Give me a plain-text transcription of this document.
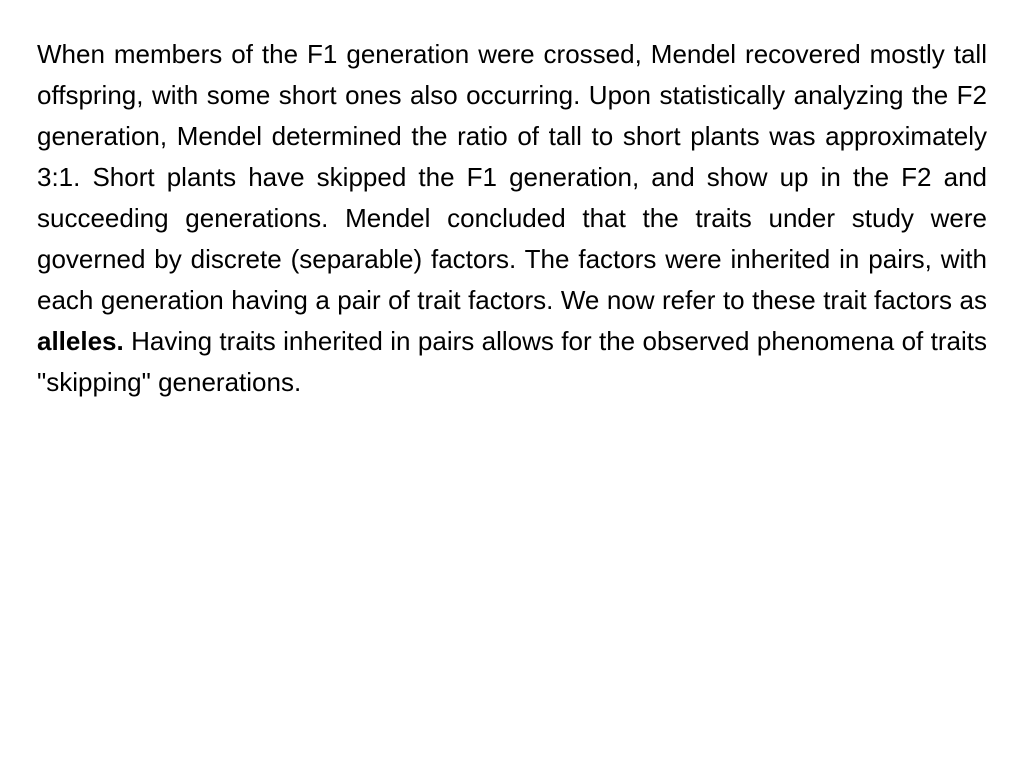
When members of the F1 generation were crossed, Mendel recovered mostly tall offspring, with some short ones also occurring. Upon statistically analyzing the F2 generation, Mendel determined the ratio of tall to short plants was approximately 3:1. Short plants have skipped the F1 generation, and show up in the F2 and succeeding generations. Mendel concluded that the traits under study were governed by discrete (separable) factors. The factors were inherited in pairs, with each generation having a pair of trait factors. We now refer to these trait factors as alleles. Having traits inherited in pairs allows for the observed phenomena of traits "skipping" generations.
